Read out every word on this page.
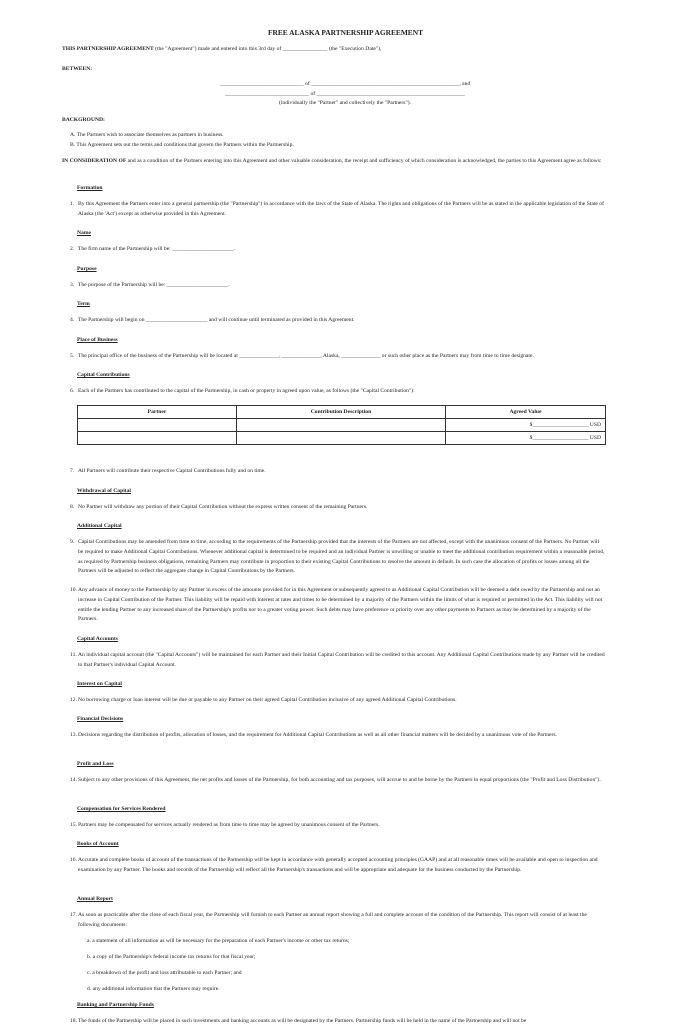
FREE ALASKA PARTNERSHIP AGREEMENT
THIS PARTNERSHIP AGREEMENT (the "Agreement") made and entered into this 3rd day of ________________ (the "Execution Date"),
BETWEEN:
______________________________ of _____________________________________________________, and
______________________________ of _____________________________________________________
(individually the "Partner" and collectively the "Partners").
BACKGROUND:
A. The Partners wish to associate themselves as partners in business.
B. This Agreement sets out the terms and conditions that govern the Partners within the Partnership.
IN CONSIDERATION OF and as a condition of the Partners entering into this Agreement and other valuable consideration, the receipt and sufficiency of which consideration is acknowledged, the parties to this Agreement agree as follows:
Formation
1. By this Agreement the Partners enter into a general partnership (the "Partnership") in accordance with the laws of the State of Alaska. The rights and obligations of the Partners will be as stated in the applicable legislation of the State of Alaska (the 'Act') except as otherwise provided in this Agreement.
Name
2. The firm name of the Partnership will be: ______________________.
Purpose
3. The purpose of the Partnership will be: ______________________.
Term
4. The Partnership will begin on ______________________ and will continue until terminated as provided in this Agreement.
Place of Business
5. The principal office of the business of the Partnership will be located at ______________, ______________, Alaska, ______________ or such other place as the Partners may from time to time designate.
Capital Contributions
6. Each of the Partners has contributed to the capital of the Partnership, in cash or property in agreed upon value, as follows (the "Capital Contribution"):
Partner	Contribution Description	Agreed Value
		$____________________ USD
		$____________________ USD
7. All Partners will contribute their respective Capital Contributions fully and on time.
Withdrawal of Capital
8. No Partner will withdraw any portion of their Capital Contribution without the express written consent of the remaining Partners.
Additional Capital
9. Capital Contributions may be amended from time to time, according to the requirements of the Partnership provided that the interests of the Partners are not affected, except with the unanimous consent of the Partners. No Partner will be required to make Additional Capital Contributions. Whenever additional capital is determined to be required and an individual Partner is unwilling or unable to meet the additional contribution requirement within a reasonable period, as required by Partnership business obligations, remaining Partners may contribute in proportion to their existing Capital Contributions to resolve the amount in default. In such case the allocation of profits or losses among all the Partners will be adjusted to reflect the aggregate change in Capital Contributions by the Partners.
10. Any advance of money to the Partnership by any Partner in excess of the amounts provided for in this Agreement or subsequently agreed to as Additional Capital Contribution will be deemed a debt owed by the Partnership and not an increase in Capital Contribution of the Partner. This liability will be repaid with interest at rates and times to be determined by a majority of the Partners within the limits of what is required or permitted in the Act. This liability will not entitle the lending Partner to any increased share of the Partnership's profits nor to a greater voting power. Such debts may have preference or priority over any other payments to Partners as may be determined by a majority of the Partners.
Capital Accounts
11. An individual capital account (the "Capital Accounts") will be maintained for each Partner and their Initial Capital Contribution will be credited to this account. Any Additional Capital Contributions made by any Partner will be credited to that Partner's individual Capital Account.
Interest on Capital
12. No borrowing charge or loan interest will be due or payable to any Partner on their agreed Capital Contribution inclusive of any agreed Additional Capital Contributions.
Financial Decisions
13. Decisions regarding the distribution of profits, allocation of losses, and the requirement for Additional Capital Contributions as well as all other financial matters will be decided by a unanimous vote of the Partners.
Profit and Loss
14. Subject to any other provisions of this Agreement, the net profits and losses of the Partnership, for both accounting and tax purposes, will accrue to and be borne by the Partners in equal proportions (the "Profit and Loss Distribution").
Compensation for Services Rendered
15. Partners may be compensated for services actually rendered as from time to time may be agreed by unanimous consent of the Partners.
Books of Account
16. Accurate and complete books of account of the transactions of the Partnership will be kept in accordance with generally accepted accounting principles (GAAP) and at all reasonable times will be available and open to inspection and examination by any Partner. The books and records of the Partnership will reflect all the Partnership's transactions and will be appropriate and adequate for the business conducted by the Partnership.
Annual Report
17. As soon as practicable after the close of each fiscal year, the Partnership will furnish to each Partner an annual report showing a full and complete account of the condition of the Partnership. This report will consist of at least the following documents:
a. a statement of all information as will be necessary for the preparation of each Partner's income or other tax returns;
b. a copy of the Partnership's federal income tax returns for that fiscal year;
c. a breakdown of the profit and loss attributable to each Partner; and
d. any additional information that the Partners may require.
Banking and Partnership Funds
18. The funds of the Partnership will be placed in such investments and banking accounts as will be designated by the Partners. Partnership funds will be held in the name of the Partnership and will not be
